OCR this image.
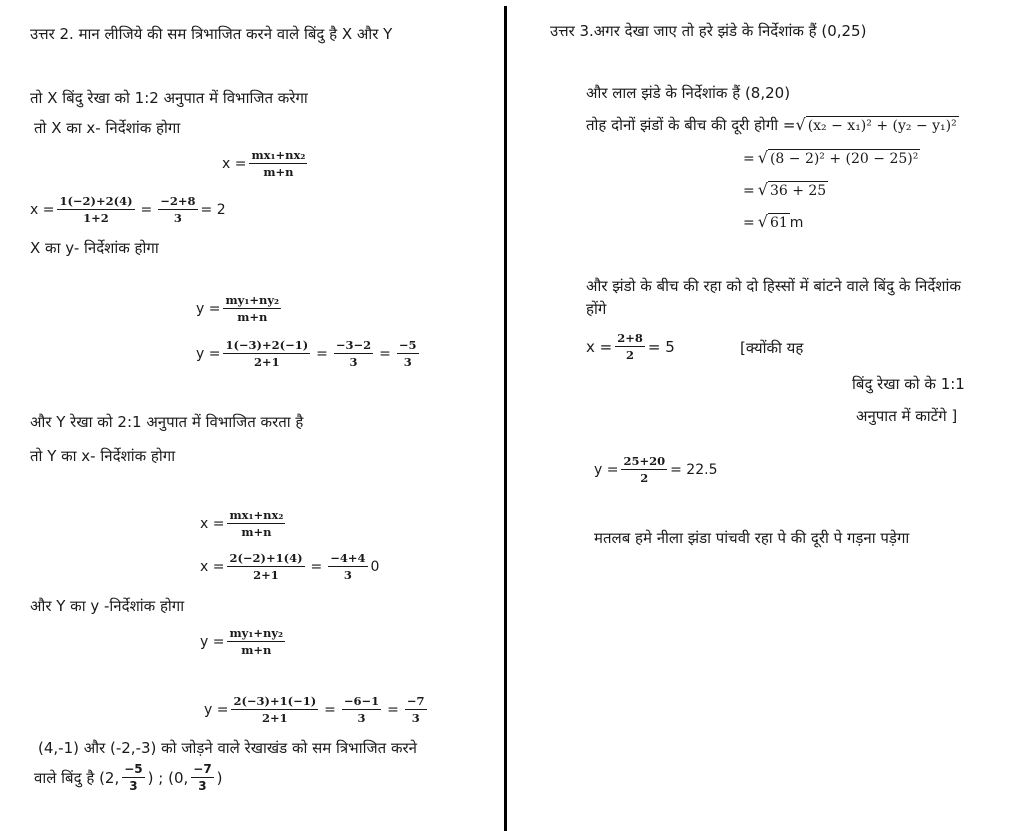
उत्तर 2. मान लीजिये की सम त्रिभाजित करने वाले बिंदु है X और Y
तो X बिंदु रेखा को 1:2 अनुपात में विभाजित करेगा
तो X का x- निर्देशांक होगा
$x = \frac{\text{mx₁+nx₂}}{m+n}$
$x = \frac{1(-2)+2(4)}{1+2} = \frac{-2+8}{3} = 2$
X का y- निर्देशांक होगा
$y = \frac{\text{my₁+ny₂}}{m+n}$
$y = \frac{1(-3)+2(-1)}{2+1} = \frac{-3-2}{3} = \frac{-5}{3}$
और Y रेखा को 2:1 अनुपात में विभाजित करता है
तो Y का x- निर्देशांक होगा
$x = \frac{\text{mx₁+nx₂}}{m+n}$
$x = \frac{2(-2)+1(4)}{2+1} = \frac{-4+4}{3} 0$
और Y का y -निर्देशांक होगा
$y = \frac{\text{my₁+ny₂}}{m+n}$
$y = \frac{2(-3)+1(-1)}{2+1} = \frac{-6-1}{3} = \frac{-7}{3}$
(4,-1) और (-2,-3) को जोड़ने वाले रेखाखंड को सम त्रिभाजित करने
वाले बिंदु है (2, $\frac{-5}{3}$ ) ; (0, $\frac{-7}{3}$ )
उत्तर 3.अगर देखा जाए तो हरे झंडे के निर्देशांक हैं (0,25)
और लाल झंडे के निर्देशांक हैं (8,20)
तोह दोनों झंडों के बीच की दूरी होगी = √ (x₂ − x₁)² + (y₂ − y₁)²
= √ (8 − 2)² + (20 − 25)²
= √ 36 + 25
= √ 61 m
और झंडो के बीच की रहा को दो हिस्सों में बांटने वाले बिंदु के निर्देशांक
होंगे
$x = \frac{2+8}{2} = 5$	[क्योंकी यह
बिंदु रेखा को के 1:1
अनुपात में काटेंगे ]
$y = \frac{25+20}{2} = 22.5$
मतलब हमे नीला झंडा पांचवी रहा पे की दूरी पे गड़ना पड़ेगा
